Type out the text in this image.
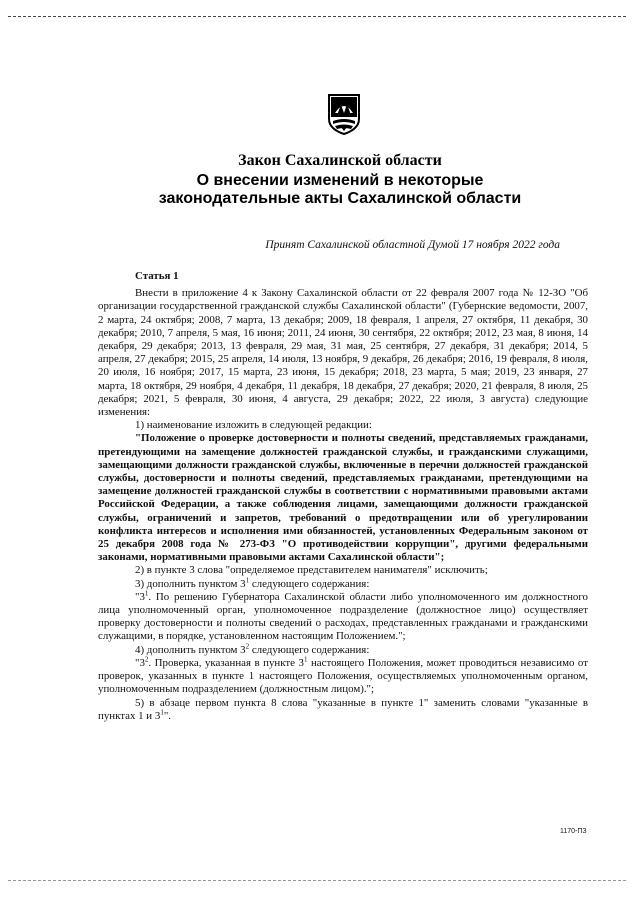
Закон Сахалинской области
О внесении изменений в некоторые
законодательные акты Сахалинской области
Принят Сахалинской областной Думой 17 ноября 2022 года

Статья 1

Внести в приложение 4 к Закону Сахалинской области от 22 февраля 2007 года № 12-ЗО "Об организации государственной гражданской службы Сахалинской области" (Губернские ведомости, 2007, 2 марта, 24 октября; 2008, 7 марта, 13 декабря; 2009, 18 февраля, 1 апреля, 27 октября, 11 декабря, 30 декабря; 2010, 7 апреля, 5 мая, 16 июня; 2011, 24 июня, 30 сентября, 22 октября; 2012, 23 мая, 8 июня, 14 декабря, 29 декабря; 2013, 13 февраля, 29 мая, 31 мая, 25 сентября, 27 декабря, 31 декабря; 2014, 5 апреля, 27 декабря; 2015, 25 апреля, 14 июля, 13 ноября, 9 декабря, 26 декабря; 2016, 19 февраля, 8 июля, 20 июля, 16 ноября; 2017, 15 марта, 23 июня, 15 декабря; 2018, 23 марта, 5 мая; 2019, 23 января, 27 марта, 18 октября, 29 ноября, 4 декабря, 11 декабря, 18 декабря, 27 декабря; 2020, 21 февраля, 8 июля, 25 декабря; 2021, 5 февраля, 30 июня, 4 августа, 29 декабря; 2022, 22 июля, 3 августа) следующие изменения:

1) наименование изложить в следующей редакции:

"Положение о проверке достоверности и полноты сведений, представляемых гражданами, претендующими на замещение должностей гражданской службы, и гражданскими служащими, замещающими должности гражданской службы, включенные в перечни должностей гражданской службы, достоверности и полноты сведений, представляемых гражданами, претендующими на замещение должностей гражданской службы в соответствии с нормативными правовыми актами Российской Федерации, а также соблюдения лицами, замещающими должности гражданской службы, ограничений и запретов, требований о предотвращении или об урегулировании конфликта интересов и исполнения ими обязанностей, установленных Федеральным законом от 25 декабря 2008 года № 273-ФЗ "О противодействии коррупции", другими федеральными законами, нормативными правовыми актами Сахалинской области";

2) в пункте 3 слова "определяемое представителем нанимателя" исключить;

3) дополнить пунктом $3^1$ следующего содержания:

"$3^1$. По решению Губернатора Сахалинской области либо уполномоченного им должностного лица уполномоченный орган, уполномоченное подразделение (должностное лицо) осуществляет проверку достоверности и полноты сведений о расходах, представленных гражданами и гражданскими служащими, в порядке, установленном настоящим Положением.";

4) дополнить пунктом $3^2$ следующего содержания:

"$3^2$. Проверка, указанная в пункте $3^1$ настоящего Положения, может проводиться независимо от проверок, указанных в пункте 1 настоящего Положения, осуществляемых уполномоченным органом, уполномоченным подразделением (должностным лицом).";

5) в абзаце первом пункта 8 слова "указанные в пункте 1" заменить словами "указанные в пунктах 1 и $3^1$".

1170-ПЗ
